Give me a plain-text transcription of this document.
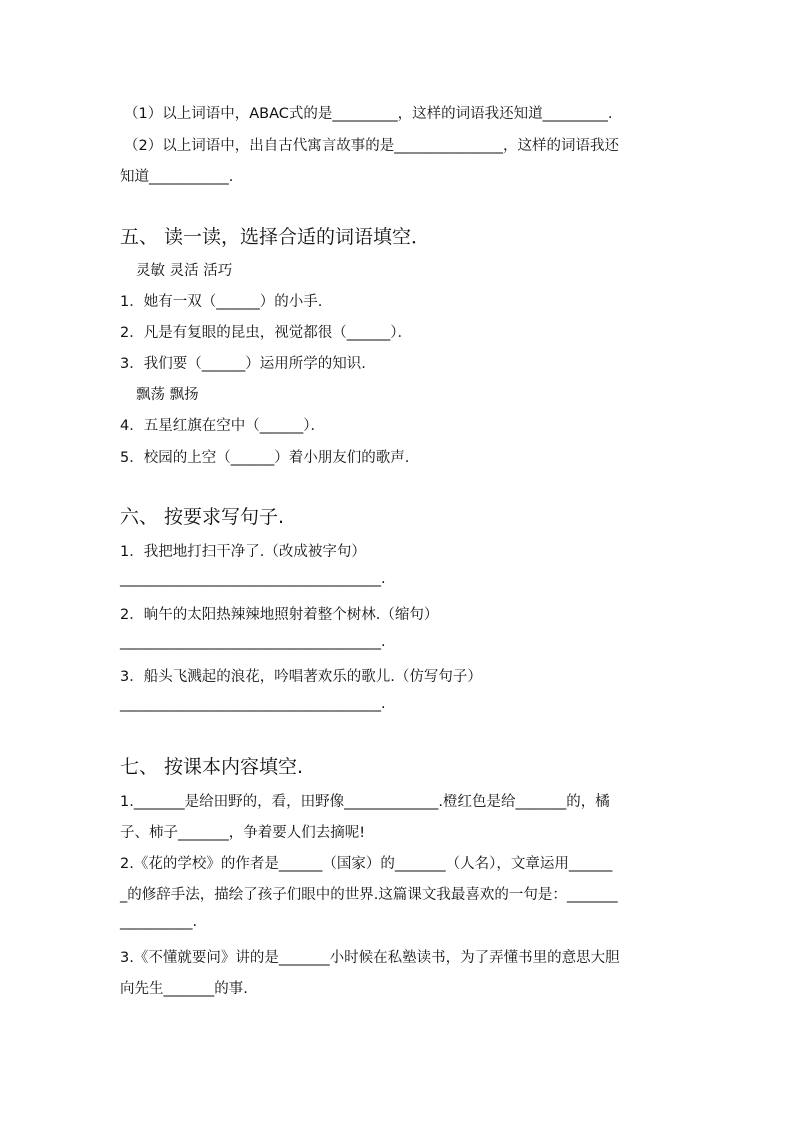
（1）以上词语中，ABAC式的是_________，这样的词语我还知道_________.
（2）以上词语中，出自古代寓言故事的是_______________，这样的词语我还
知道___________.
五、 读一读，选择合适的词语填空．
灵敏 灵活 活巧
1．她有一双（______）的小手.
2．凡是有复眼的昆虫，视觉都很（______）．
3．我们要（______）运用所学的知识.
飘荡 飘扬
4．五星红旗在空中（______）．
5．校园的上空（______）着小朋友们的歌声.
六、 按要求写句子.
1．我把地打扫干净了.（改成被字句）
____________________________________.
2．晌午的太阳热辣辣地照射着整个树林.（缩句）
____________________________________.
3．船头飞溅起的浪花，吟唱著欢乐的歌儿.（仿写句子）
____________________________________.
七、 按课本内容填空.
1._______是给田野的，看，田野像_____________.橙红色是给_______的，橘
子、柿子_______，争着要人们去摘呢!
2.《花的学校》的作者是______（国家）的_______（人名），文章运用______
_的修辞手法，描绘了孩子们眼中的世界.这篇课文我最喜欢的一句是：_______
__________.
3.《不懂就要问》讲的是_______小时候在私塾读书，为了弄懂书里的意思大胆
向先生_______的事.
